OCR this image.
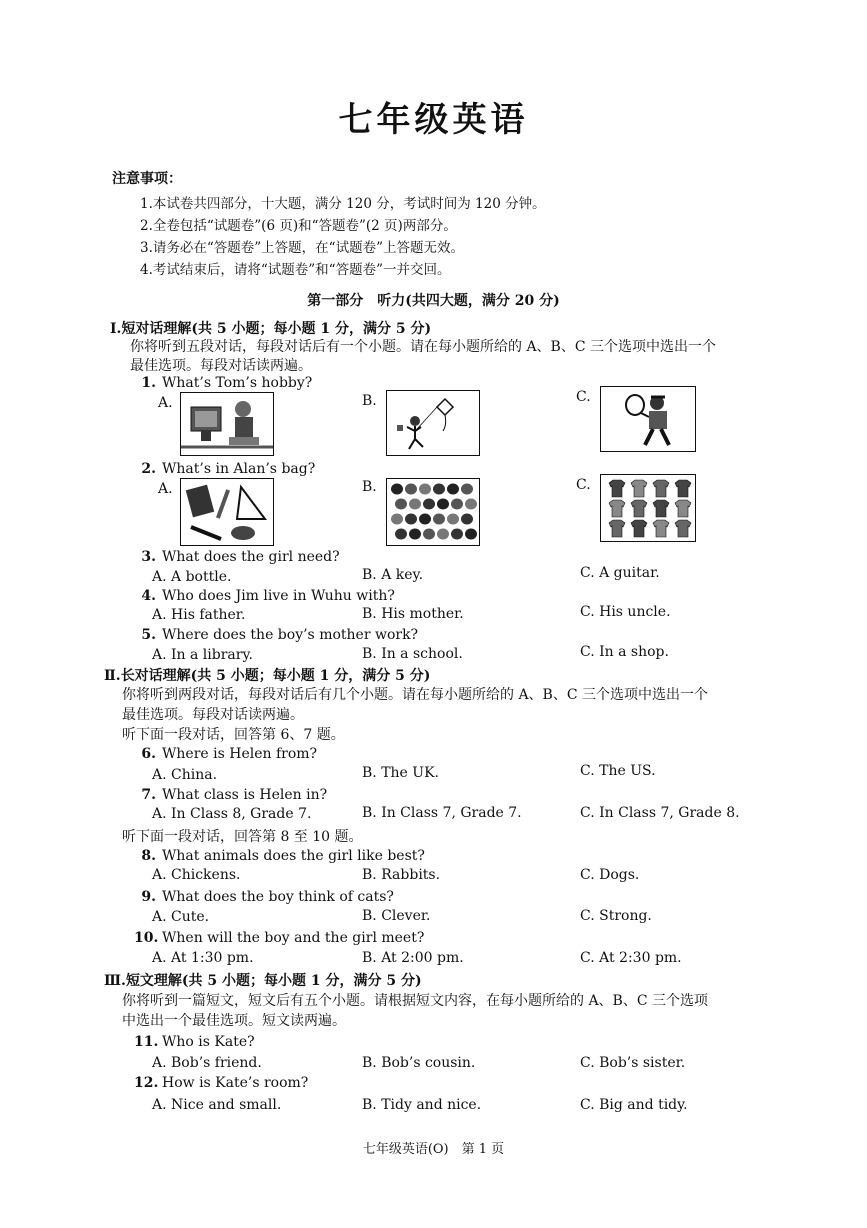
七年级英语
注意事项：
1.本试卷共四部分，十大题，满分 120 分，考试时间为 120 分钟。
2.全卷包括“试题卷”(6 页)和“答题卷”(2 页)两部分。
3.请务必在“答题卷”上答题，在“试题卷”上答题无效。
4.考试结束后，请将“试题卷”和“答题卷”一并交回。
第一部分　听力(共四大题，满分 20 分)
Ⅰ.短对话理解(共 5 小题；每小题 1 分，满分 5 分)
你将听到五段对话，每段对话后有一个小题。请在每小题所给的 A、B、C 三个选项中选出一个
最佳选项。每段对话读两遍。
1. What’s Tom’s hobby?
A.	B.	C.
2. What’s in Alan’s bag?
A.	B.	C.
3. What does the girl need?
A. A bottle.	B. A key.	C. A guitar.
4. Who does Jim live in Wuhu with?
A. His father.	B. His mother.	C. His uncle.
5. Where does the boy’s mother work?
A. In a library.	B. In a school.	C. In a shop.
Ⅱ.长对话理解(共 5 小题；每小题 1 分，满分 5 分)
你将听到两段对话，每段对话后有几个小题。请在每小题所给的 A、B、C 三个选项中选出一个
最佳选项。每段对话读两遍。
听下面一段对话，回答第 6、7 题。
6. Where is Helen from?
A. China.	B. The UK.	C. The US.
7. What class is Helen in?
A. In Class 8, Grade 7.	B. In Class 7, Grade 7.	C. In Class 7, Grade 8.
听下面一段对话，回答第 8 至 10 题。
8. What animals does the girl like best?
A. Chickens.	B. Rabbits.	C. Dogs.
9. What does the boy think of cats?
A. Cute.	B. Clever.	C. Strong.
10. When will the boy and the girl meet?
A. At 1:30 pm.	B. At 2:00 pm.	C. At 2:30 pm.
Ⅲ.短文理解(共 5 小题；每小题 1 分，满分 5 分)
你将听到一篇短文，短文后有五个小题。请根据短文内容，在每小题所给的 A、B、C 三个选项
中选出一个最佳选项。短文读两遍。
11. Who is Kate?
A. Bob’s friend.	B. Bob’s cousin.	C. Bob’s sister.
12. How is Kate’s room?
A. Nice and small.	B. Tidy and nice.	C. Big and tidy.
七年级英语(O)　第 1 页
